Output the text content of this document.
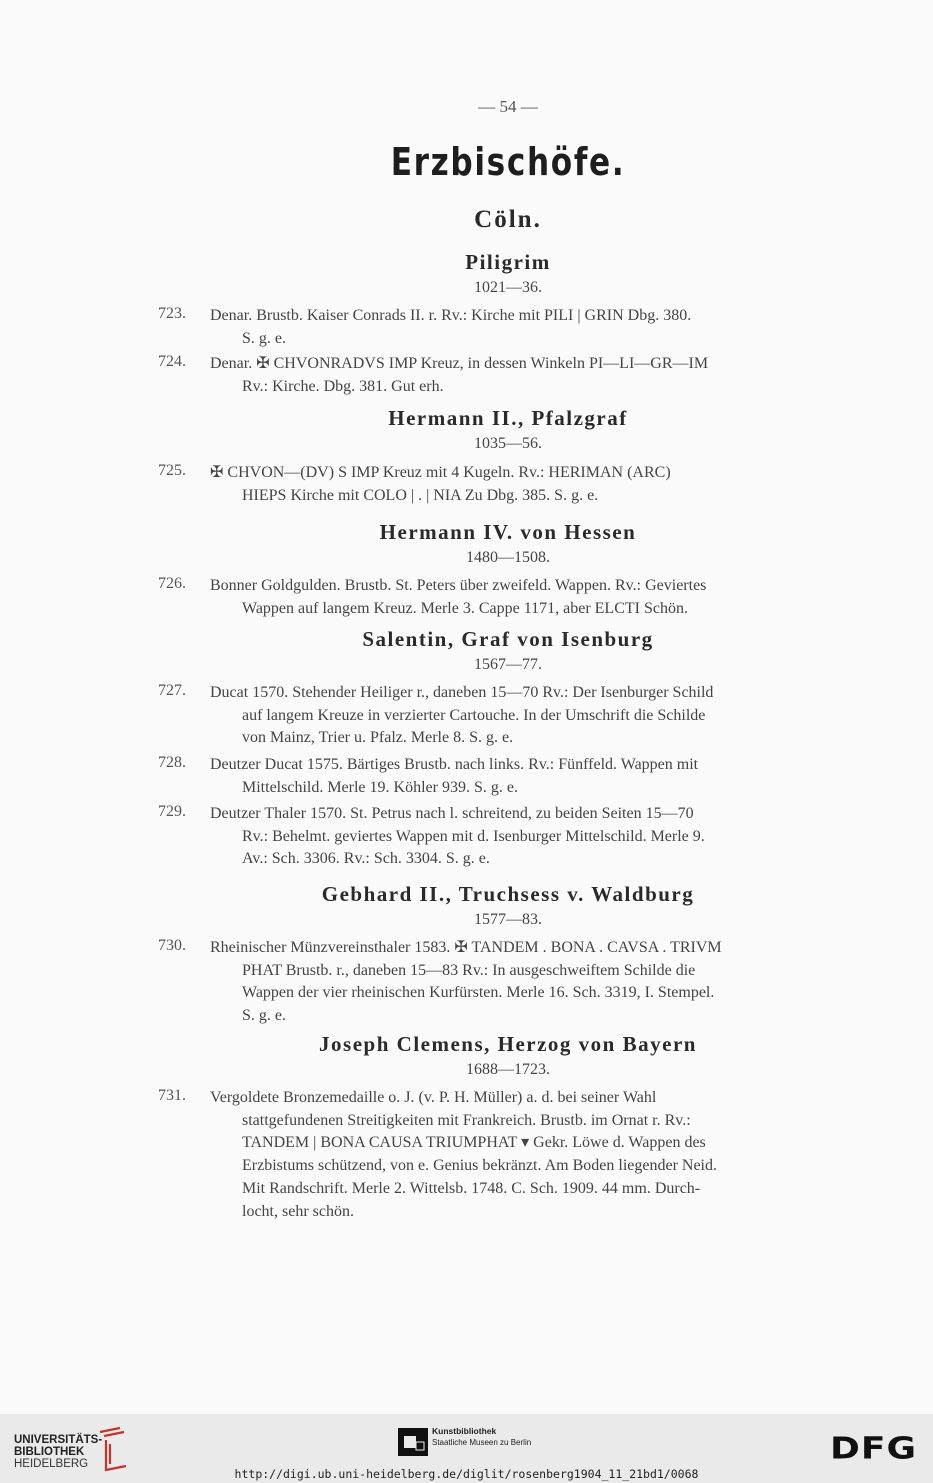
— 54 —
Erzbischöfe.
Cöln.
Piligrim
1021—36.
723. Denar. Brustb. Kaiser Conrads II. r. Rv.: Kirche mit PILI | GRIN Dbg. 380.
S. g. e.
724. Denar. ✠ CHVONRADVS IMP Kreuz, in dessen Winkeln PI—LI—GR—IM
Rv.: Kirche. Dbg. 381. Gut erh.
Hermann II., Pfalzgraf
1035—56.
725. ✠ CHVON—(DV) S IMP Kreuz mit 4 Kugeln. Rv.: HERIMAN (ARC)
HIEPS Kirche mit COLO | . | NIA Zu Dbg. 385. S. g. e.
Hermann IV. von Hessen
1480—1508.
726. Bonner Goldgulden. Brustb. St. Peters über zweifeld. Wappen. Rv.: Geviertes
Wappen auf langem Kreuz. Merle 3. Cappe 1171, aber ELCTI Schön.
Salentin, Graf von Isenburg
1567—77.
727. Ducat 1570. Stehender Heiliger r., daneben 15—70 Rv.: Der Isenburger Schild
auf langem Kreuze in verzierter Cartouche. In der Umschrift die Schilde
von Mainz, Trier u. Pfalz. Merle 8. S. g. e.
728. Deutzer Ducat 1575. Bärtiges Brustb. nach links. Rv.: Fünffeld. Wappen mit
Mittelschild. Merle 19. Köhler 939. S. g. e.
729. Deutzer Thaler 1570. St. Petrus nach l. schreitend, zu beiden Seiten 15—70
Rv.: Behelmt. geviertes Wappen mit d. Isenburger Mittelschild. Merle 9.
Av.: Sch. 3306. Rv.: Sch. 3304. S. g. e.
Gebhard II., Truchsess v. Waldburg
1577—83.
730. Rheinischer Münzvereinsthaler 1583. ✠ TANDEM . BONA . CAVSA . TRIVM
PHAT Brustb. r., daneben 15—83 Rv.: In ausgeschweiftem Schilde die
Wappen der vier rheinischen Kurfürsten. Merle 16. Sch. 3319, I. Stempel.
S. g. e.
Joseph Clemens, Herzog von Bayern
1688—1723.
731. Vergoldete Bronzemedaille o. J. (v. P. H. Müller) a. d. bei seiner Wahl
stattgefundenen Streitigkeiten mit Frankreich. Brustb. im Ornat r. Rv.:
TANDEM | BONA CAUSA TRIUMPHAT ▾ Gekr. Löwe d. Wappen des
Erzbistums schützend, von e. Genius bekränzt. Am Boden liegender Neid.
Mit Randschrift. Merle 2. Wittelsb. 1748. C. Sch. 1909. 44 mm. Durch-
locht, sehr schön.
UNIVERSITÄTS-
BIBLIOTHEK
HEIDELBERG
Kunstbibliothek
Staatliche Museen zu Berlin	DFG
http://digi.ub.uni-heidelberg.de/diglit/rosenberg1904_11_21bd1/0068
